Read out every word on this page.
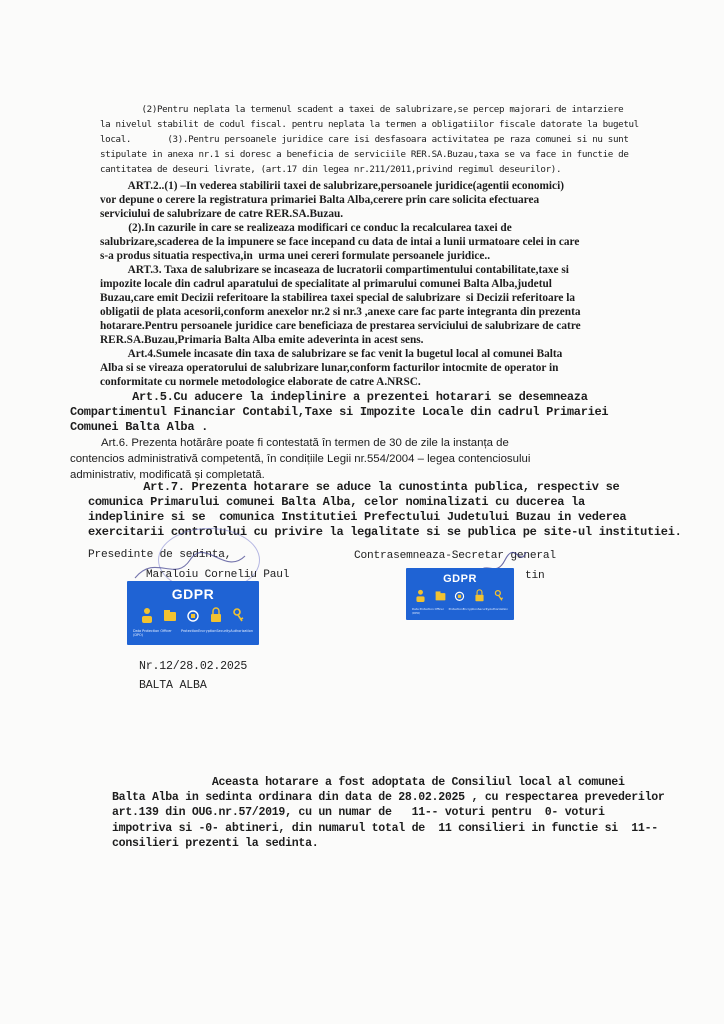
(2)Pentru neplata la termenul scadent a taxei de salubrizare,se percep majorari de intarziere

la nivelul stabilit de codul fiscal. pentru neplata la termen a obligatiilor fiscale datorate la bugetul

local.       (3).Pentru persoanele juridice care isi desfasoara activitatea pe raza comunei si nu sunt

stipulate in anexa nr.1 si doresc a beneficia de serviciile RER.SA.Buzau,taxa se va face in functie de

cantitatea de deseuri livrate, (art.17 din legea nr.211/2011,privind regimul deseurilor).

ART.2..(1) –In vederea stabilirii taxei de salubrizare,persoanele juridice(agentii economici)

vor depune o cerere la registratura primariei Balta Alba,cerere prin care solicita efectuarea

serviciului de salubrizare de catre RER.SA.Buzau.

(2).In cazurile in care se realizeaza modificari ce conduc la recalcularea taxei de

salubrizare,scaderea de la impunere se face incepand cu data de intai a lunii urmatoare celei in care

s-a produs situatia respectiva,in  urma unei cereri formulate persoanele juridice..

ART.3. Taxa de salubrizare se incaseaza de lucratorii compartimentului contabilitate,taxe si

impozite locale din cadrul aparatului de specialitate al primarului comunei Balta Alba,judetul

Buzau,care emit Decizii referitoare la stabilirea taxei special de salubrizare  si Decizii referitoare la

obligatii de plata acesorii,conform anexelor nr.2 si nr.3 ,anexe care fac parte integranta din prezenta

hotarare.Pentru persoanele juridice care beneficiaza de prestarea serviciului de salubrizare de catre

RER.SA.Buzau,Primaria Balta Alba emite adeverinta in acest sens.

Art.4.Sumele incasate din taxa de salubrizare se fac venit la bugetul local al comunei Balta

Alba si se vireaza operatorului de salubrizare lunar,conform facturilor intocmite de operator in

conformitate cu normele metodologice elaborate de catre A.NRSC.

Art.5.Cu aducere la indeplinire a prezentei hotarari se desemneaza

Compartimentul Financiar Contabil,Taxe si Impozite Locale din cadrul Primariei

Comunei Balta Alba .

Art.6. Prezenta hotărâre poate fi contestată în termen de 30 de zile la instanța de

contencios administrativă competentă, în condițiile Legii nr.554/2004 – legea contenciosului

administrativ, modificată și completată.

Art.7. Prezenta hotarare se aduce la cunostinta publica, respectiv se

comunica Primarului comunei Balta Alba, celor nominalizati cu ducerea la

indeplinire si se  comunica Institutiei Prefectului Judetului Buzau in vederea

exercitarii controlului cu privire la legalitate si se publica pe site-ul institutiei.

Presedinte de sedinta,

Maraloiu Corneliu Paul

Contrasemneaza-Secretar general

tin

GDPR
Data Protection Officer (DPO)
Protection Encryption Security Authorization
GDPR
Data Protection Officer (DPO)
Protection Encryption Security Authorization

Nr.12/28.02.2025

BALTA ALBA

Aceasta hotarare a fost adoptata de Consiliul local al comunei

Balta Alba in sedinta ordinara din data de 28.02.2025 , cu respectarea prevederilor

art.139 din OUG.nr.57/2019, cu un numar de   11-- voturi pentru  0- voturi

impotriva si -0- abtineri, din numarul total de  11 consilieri in functie si  11--

consilieri prezenti la sedinta.
